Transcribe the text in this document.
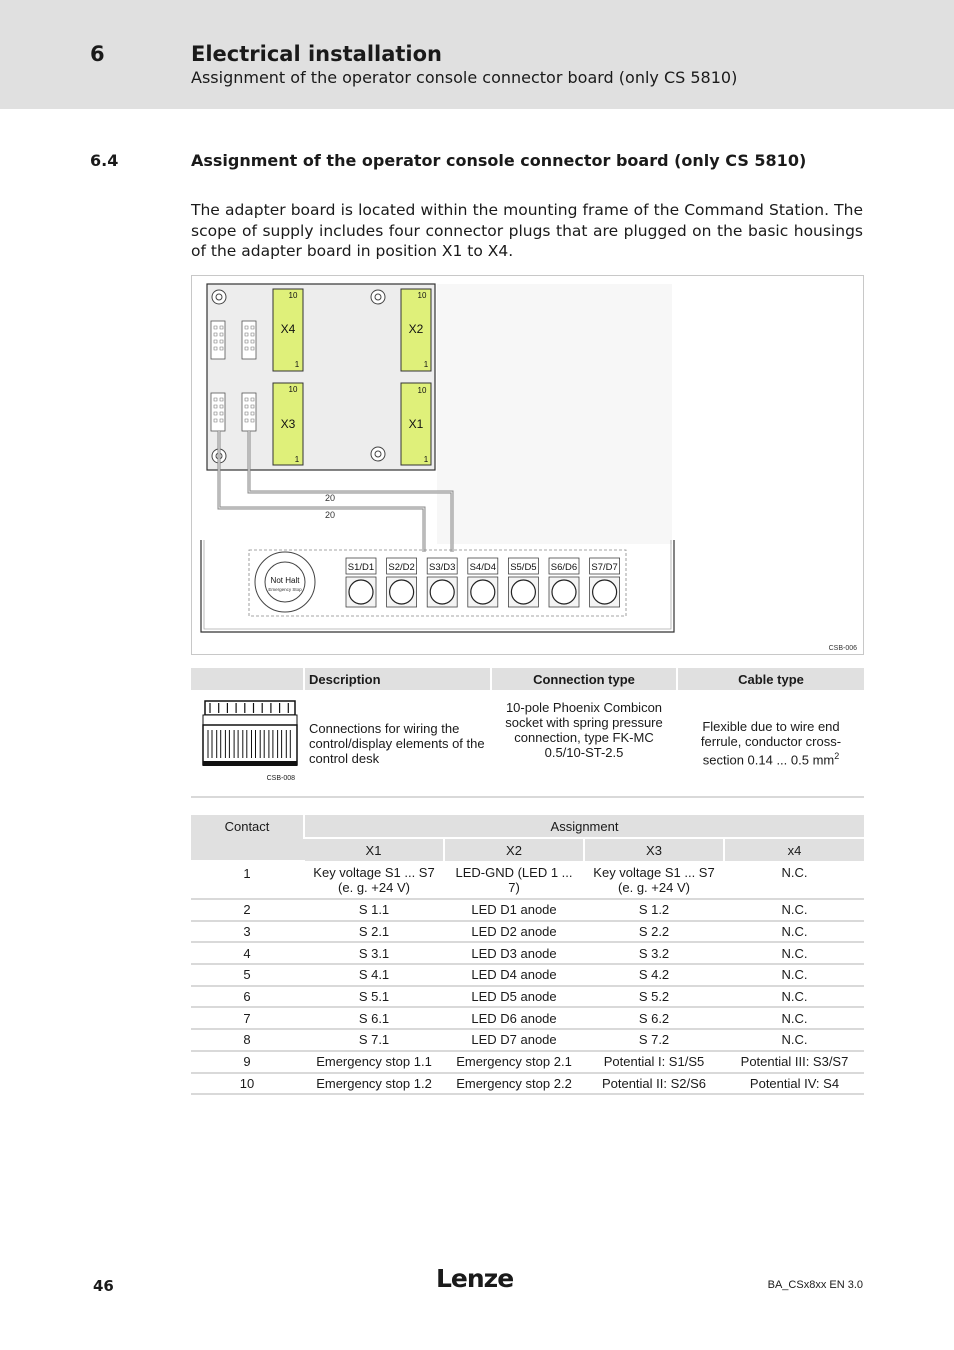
6	Electrical installation
Assignment of the operator console connector board (only CS 5810)
6.4	Assignment of the operator console connector board (only CS 5810)

The adapter board is located within the mounting frame of the Command Station. The scope of supply includes four connector plugs that are plugged on the basic housings of the adapter board in position X1 to X4.

X4	X2
X3	X1
10
1
10
1
10
1
10
1
20
20
Not Halt
Emergency Stop
S1/D1 S2/D2 S3/D3 S4/D4 S5/D5 S6/D6 S7/D7
CSB-006
	Description	Connection type	Cable type

CSB-008	Connections for wiring the control/display elements of the control desk	10-pole Phoenix Combicon socket with spring pressure connection, type FK-MC 0.5/10-ST-2.5	Flexible due to wire end ferrule, conductor cross-section 0.14 ... 0.5 $mm^2$
Contact	Assignment			
	X1	X2	X3	x4
1	Key voltage S1 ... S7 (e. g. +24 V)	LED-GND (LED 1 ... 7)	Key voltage S1 ... S7 (e. g. +24 V)	N.C.
2	S 1.1	LED D1 anode	S 1.2	N.C.
3	S 2.1	LED D2 anode	S 2.2	N.C.
4	S 3.1	LED D3 anode	S 3.2	N.C.
5	S 4.1	LED D4 anode	S 4.2	N.C.
6	S 5.1	LED D5 anode	S 5.2	N.C.
7	S 6.1	LED D6 anode	S 6.2	N.C.
8	S 7.1	LED D7 anode	S 7.2	N.C.
9	Emergency stop 1.1	Emergency stop 2.1	Potential I: S1/S5	Potential III: S3/S7
10	Emergency stop 1.2	Emergency stop 2.2	Potential II: S2/S6	Potential IV: S4
46	Lenze	BA_CSx8xx EN 3.0
